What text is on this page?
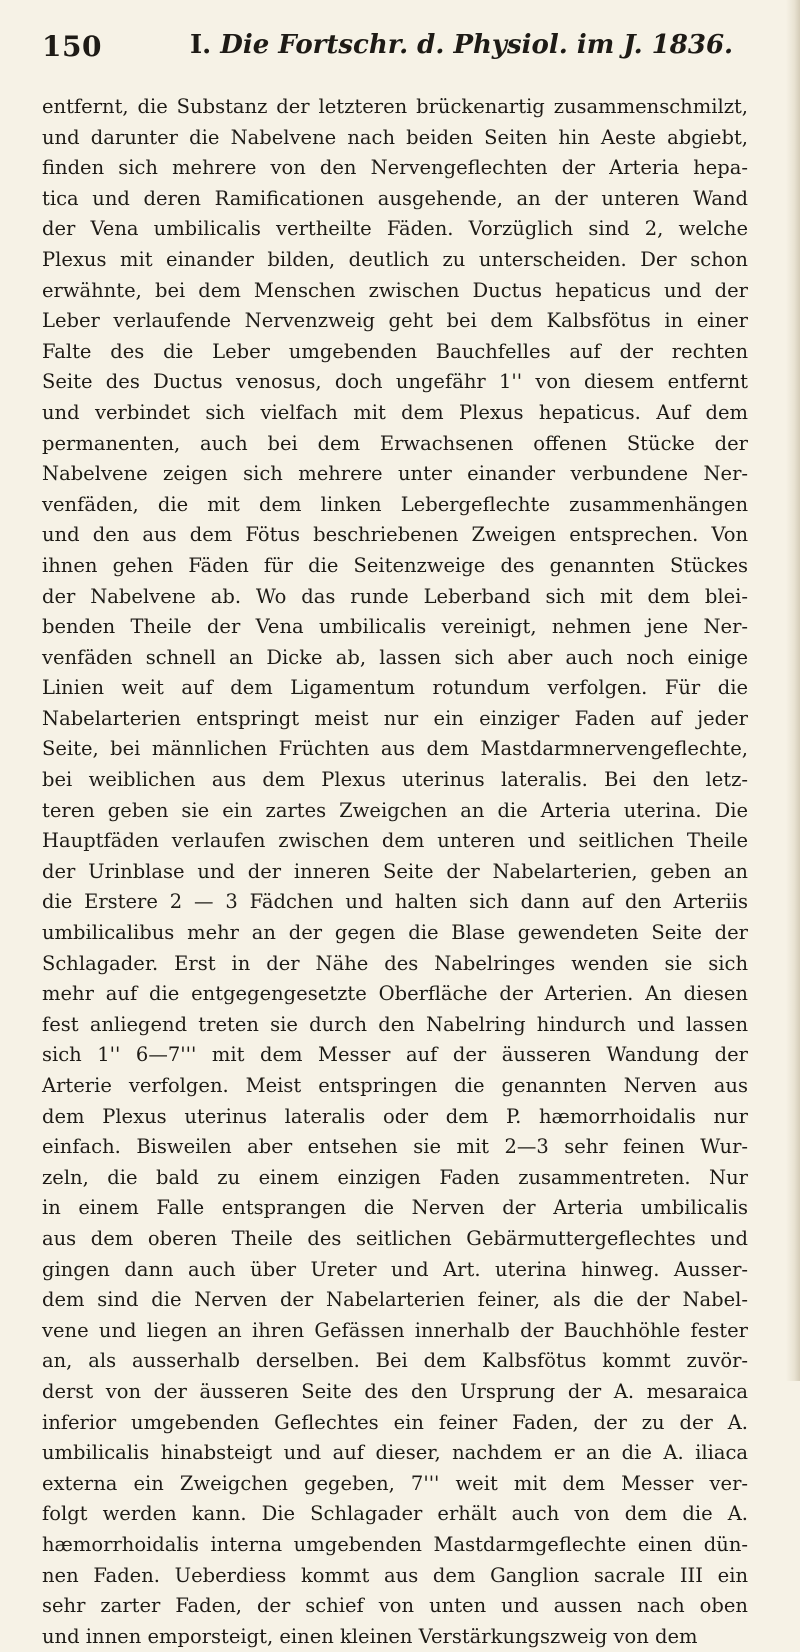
150	I. Die Fortschr. d. Physiol. im J. 1836.
entfernt, die Substanz der letzteren brückenartig zusammenschmilzt,
und darunter die Nabelvene nach beiden Seiten hin Aeste abgiebt,
finden sich mehrere von den Nervengeflechten der Arteria hepa-
tica und deren Ramificationen ausgehende, an der unteren Wand
der Vena umbilicalis vertheilte Fäden. Vorzüglich sind 2, welche
Plexus mit einander bilden, deutlich zu unterscheiden. Der schon
erwähnte, bei dem Menschen zwischen Ductus hepaticus und der
Leber verlaufende Nervenzweig geht bei dem Kalbsfötus in einer
Falte des die Leber umgebenden Bauchfelles auf der rechten
Seite des Ductus venosus, doch ungefähr 1'' von diesem entfernt
und verbindet sich vielfach mit dem Plexus hepaticus. Auf dem
permanenten, auch bei dem Erwachsenen offenen Stücke der
Nabelvene zeigen sich mehrere unter einander verbundene Ner-
venfäden, die mit dem linken Lebergeflechte zusammenhängen
und den aus dem Fötus beschriebenen Zweigen entsprechen. Von
ihnen gehen Fäden für die Seitenzweige des genannten Stückes
der Nabelvene ab. Wo das runde Leberband sich mit dem blei-
benden Theile der Vena umbilicalis vereinigt, nehmen jene Ner-
venfäden schnell an Dicke ab, lassen sich aber auch noch einige
Linien weit auf dem Ligamentum rotundum verfolgen. Für die
Nabelarterien entspringt meist nur ein einziger Faden auf jeder
Seite, bei männlichen Früchten aus dem Mastdarmnervengeflechte,
bei weiblichen aus dem Plexus uterinus lateralis. Bei den letz-
teren geben sie ein zartes Zweigchen an die Arteria uterina. Die
Hauptfäden verlaufen zwischen dem unteren und seitlichen Theile
der Urinblase und der inneren Seite der Nabelarterien, geben an
die Erstere 2 — 3 Fädchen und halten sich dann auf den Arteriis
umbilicalibus mehr an der gegen die Blase gewendeten Seite der
Schlagader. Erst in der Nähe des Nabelringes wenden sie sich
mehr auf die entgegengesetzte Oberfläche der Arterien. An diesen
fest anliegend treten sie durch den Nabelring hindurch und lassen
sich 1'' 6—7''' mit dem Messer auf der äusseren Wandung der
Arterie verfolgen. Meist entspringen die genannten Nerven aus
dem Plexus uterinus lateralis oder dem P. hæmorrhoidalis nur
einfach. Bisweilen aber entsehen sie mit 2—3 sehr feinen Wur-
zeln, die bald zu einem einzigen Faden zusammentreten. Nur
in einem Falle entsprangen die Nerven der Arteria umbilicalis
aus dem oberen Theile des seitlichen Gebärmuttergeflechtes und
gingen dann auch über Ureter und Art. uterina hinweg. Ausser-
dem sind die Nerven der Nabelarterien feiner, als die der Nabel-
vene und liegen an ihren Gefässen innerhalb der Bauchhöhle fester
an, als ausserhalb derselben. Bei dem Kalbsfötus kommt zuvör-
derst von der äusseren Seite des den Ursprung der A. mesaraica
inferior umgebenden Geflechtes ein feiner Faden, der zu der A.
umbilicalis hinabsteigt und auf dieser, nachdem er an die A. iliaca
externa ein Zweigchen gegeben, 7''' weit mit dem Messer ver-
folgt werden kann. Die Schlagader erhält auch von dem die A.
hæmorrhoidalis interna umgebenden Mastdarmgeflechte einen dün-
nen Faden. Ueberdiess kommt aus dem Ganglion sacrale III ein
sehr zarter Faden, der schief von unten und aussen nach oben
und innen emporsteigt, einen kleinen Verstärkungszweig von dem
